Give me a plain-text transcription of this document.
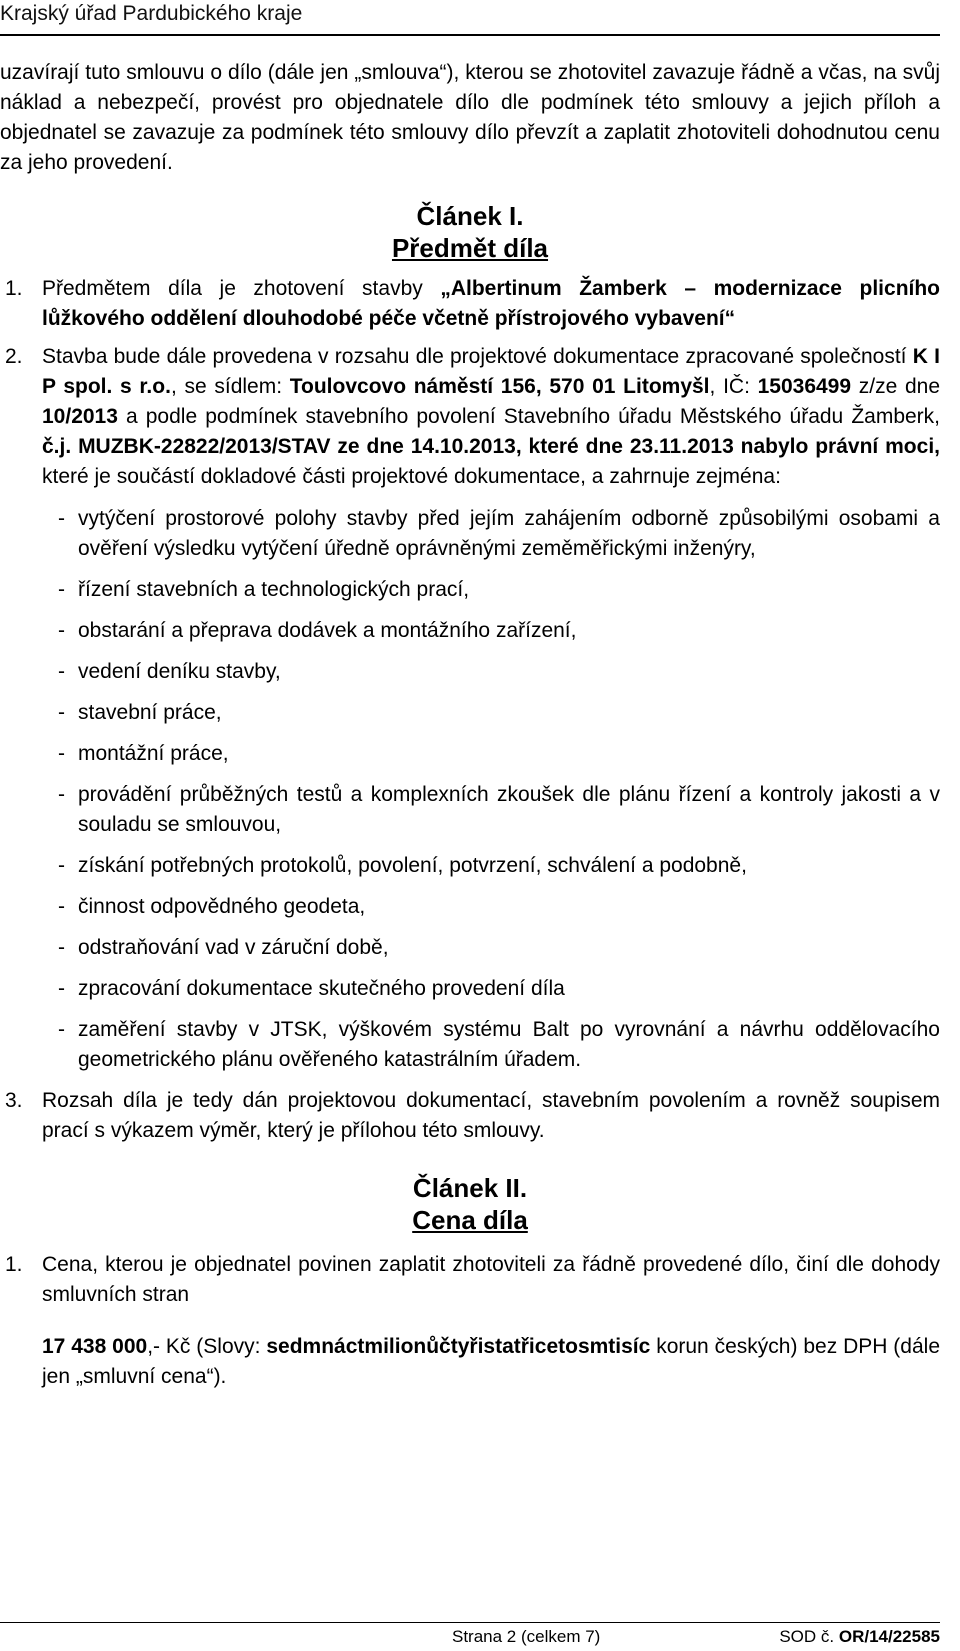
Krajský úřad Pardubického kraje

uzavírají tuto smlouvu o dílo (dále jen „smlouva“), kterou se zhotovitel zavazuje řádně a včas, na svůj náklad a nebezpečí, provést pro objednatele dílo dle podmínek této smlouvy a jejich příloh a objednatel se zavazuje za podmínek této smlouvy dílo převzít a zaplatit zhotoviteli dohodnutou cenu za jeho provedení.

Článek I.
Předmět díla
1. Předmětem díla je zhotovení stavby „Albertinum Žamberk – modernizace plicního lůžkového oddělení dlouhodobé péče včetně přístrojového vybavení“
2. Stavba bude dále provedena v rozsahu dle projektové dokumentace zpracované společností K I P spol. s r.o., se sídlem: Toulovcovo náměstí 156, 570 01 Litomyšl, IČ: 15036499 z/ze dne 10/2013 a podle podmínek stavebního povolení Stavebního úřadu Městského úřadu Žamberk, č.j. MUZBK-22822/2013/STAV ze dne 14.10.2013, které dne 23.11.2013 nabylo právní moci, které je součástí dokladové části projektové dokumentace, a zahrnuje zejména:
- vytýčení prostorové polohy stavby před jejím zahájením odborně způsobilými osobami a ověření výsledku vytýčení úředně oprávněnými zeměměřickými inženýry,
- řízení stavebních a technologických prací,
- obstarání a přeprava dodávek a montážního zařízení,
- vedení deníku stavby,
- stavební práce,
- montážní práce,
- provádění průběžných testů a komplexních zkoušek dle plánu řízení a kontroly jakosti a v souladu se smlouvou,
- získání potřebných protokolů, povolení, potvrzení, schválení a podobně,
- činnost odpovědného geodeta,
- odstraňování vad v záruční době,
- zpracování dokumentace skutečného provedení díla
- zaměření stavby v JTSK, výškovém systému Balt po vyrovnání a návrhu oddělovacího geometrického plánu ověřeného katastrálním úřadem.
3. Rozsah díla je tedy dán projektovou dokumentací, stavebním povolením a rovněž soupisem prací s výkazem výměr, který je přílohou této smlouvy.
Článek II.
Cena díla
1. Cena, kterou je objednatel povinen zaplatit zhotoviteli za řádně provedené dílo, činí dle dohody smluvních stran
17 438 000,- Kč (Slovy: sedmnáctmilionůčtyřistatřicetosmtisíc korun českých) bez DPH (dále jen „smluvní cena“).
Strana 2 (celkem 7)	SOD č. OR/14/22585
